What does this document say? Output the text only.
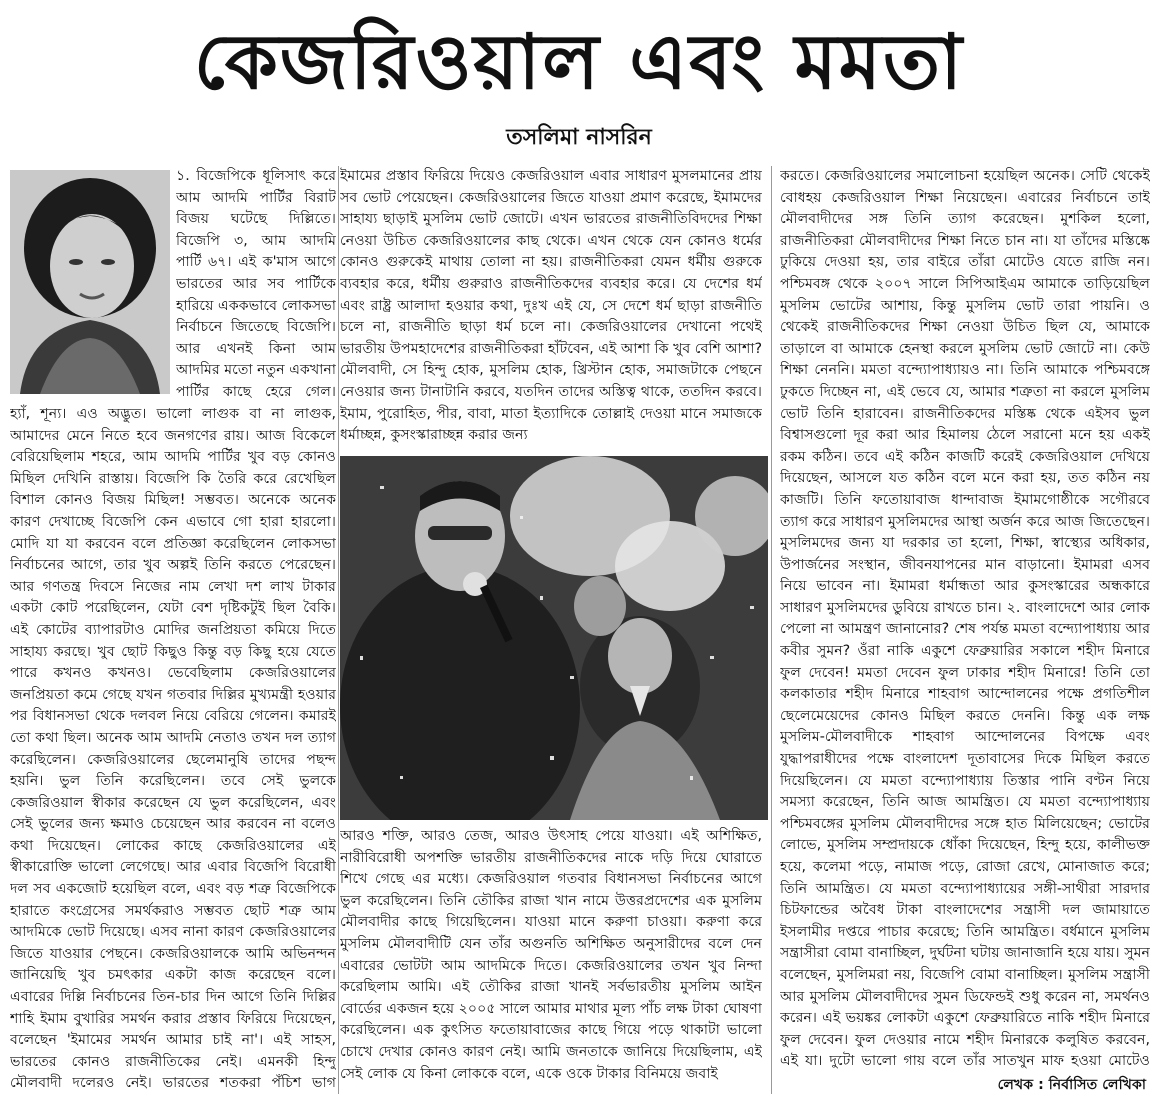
কেজরিওয়াল এবং মমতা
তসলিমা নাসরিন

১. বিজেপিকে ধূলিসাৎ করে আম আদমি পার্টির বিরাট বিজয় ঘটেছে দিল্লিতে। বিজেপি ৩, আম আদমি পার্টি ৬৭। এই ক'মাস আগে ভারতের আর সব পার্টিকে হারিয়ে এককভাবে লোকসভা নির্বাচনে জিতেছে বিজেপি। আর এখনই কিনা আম আদমির মতো নতুন একখানা পার্টির কাছে হেরে গেল।

হ্যাঁ, শূন্য। এও অদ্ভুত। ভালো লাগুক বা না লাগুক, আমাদের মেনে নিতে হবে জনগণের রায়। আজ বিকেলে বেরিয়েছিলাম শহরে, আম আদমি পার্টির খুব বড় কোনও মিছিল দেখিনি রাস্তায়। বিজেপি কি তৈরি করে রেখেছিল বিশাল কোনও বিজয় মিছিল! সম্ভবত। অনেকে অনেক কারণ দেখাচ্ছে বিজেপি কেন এভাবে গো হারা হারলো। মোদি যা যা করবেন বলে প্রতিজ্ঞা করেছিলেন লোকসভা নির্বাচনের আগে, তার খুব অল্পই তিনি করতে পেরেছেন। আর গণতন্ত্র দিবসে নিজের নাম লেখা দশ লাখ টাকার একটা কোট পরেছিলেন, যেটা বেশ দৃষ্টিকটুই ছিল বৈকি। এই কোটের ব্যাপারটাও মোদির জনপ্রিয়তা কমিয়ে দিতে সাহায্য করছে। খুব ছোট কিছুও কিন্তু বড় কিছু হয়ে যেতে পারে কখনও কখনও। ভেবেছিলাম কেজরিওয়ালের জনপ্রিয়তা কমে গেছে যখন গতবার দিল্লির মুখ্যমন্ত্রী হওয়ার পর বিধানসভা থেকে দলবল নিয়ে বেরিয়ে গেলেন। কমারই তো কথা ছিল। অনেক আম আদমি নেতাও তখন দল ত্যাগ করেছিলেন। কেজরিওয়ালের ছেলেমানুষি তাদের পছন্দ হয়নি। ভুল তিনি করেছিলেন। তবে সেই ভুলকে কেজরিওয়াল স্বীকার করেছেন যে ভুল করেছিলেন, এবং সেই ভুলের জন্য ক্ষমাও চেয়েছেন আর করবেন না বলেও কথা দিয়েছেন। লোকের কাছে কেজরিওয়ালের এই স্বীকারোক্তি ভালো লেগেছে। আর এবার বিজেপি বিরোধী দল সব একজোট হয়েছিল বলে, এবং বড় শত্রু বিজেপিকে হারাতে কংগ্রেসের সমর্থকরাও সম্ভবত ছোট শত্রু আম আদমিকে ভোট দিয়েছে। এসব নানা কারণ কেজরিওয়ালের জিতে যাওয়ার পেছনে। কেজরিওয়ালকে আমি অভিনন্দন জানিয়েছি খুব চমৎকার একটা কাজ করেছেন বলে। এবারের দিল্লি নির্বাচনের তিন-চার দিন আগে তিনি দিল্লির শাহি ইমাম বুখারির সমর্থন করার প্রস্তাব ফিরিয়ে দিয়েছেন, বলেছেন 'ইমামের সমর্থন আমার চাই না'। এই সাহস, ভারতের কোনও রাজনীতিকের নেই। এমনকী হিন্দু মৌলবাদী দলেরও নেই। ভারতের শতকরা পঁচিশ ভাগ

ইমামের প্রস্তাব ফিরিয়ে দিয়েও কেজরিওয়াল এবার সাধারণ মুসলমানের প্রায় সব ভোট পেয়েছেন। কেজরিওয়ালের জিতে যাওয়া প্রমাণ করেছে, ইমামদের সাহায্য ছাড়াই মুসলিম ভোট জোটে। এখন ভারতের রাজনীতিবিদদের শিক্ষা নেওয়া উচিত কেজরিওয়ালের কাছ থেকে। এখন থেকে যেন কোনও ধর্মের কোনও গুরুকেই মাথায় তোলা না হয়। রাজনীতিকরা যেমন ধর্মীয় গুরুকে ব্যবহার করে, ধর্মীয় গুরুরাও রাজনীতিকদের ব্যবহার করে। যে দেশের ধর্ম এবং রাষ্ট্র আলাদা হওয়ার কথা, দুঃখ এই যে, সে দেশে ধর্ম ছাড়া রাজনীতি চলে না, রাজনীতি ছাড়া ধর্ম চলে না। কেজরিওয়ালের দেখানো পথেই ভারতীয় উপমহাদেশের রাজনীতিকরা হাঁটবেন, এই আশা কি খুব বেশি আশা? মৌলবাদী, সে হিন্দু হোক, মুসলিম হোক, খ্রিস্টান হোক, সমাজটাকে পেছনে নেওয়ার জন্য টানাটানি করবে, যতদিন তাদের অস্তিত্ব থাকে, ততদিন করবে। ইমাম, পুরোহিত, পীর, বাবা, মাতা ইত্যাদিকে তোল্লাই দেওয়া মানে সমাজকে ধর্মাচ্ছন্ন, কুসংস্কারাচ্ছন্ন করার জন্য

আরও শক্তি, আরও তেজ, আরও উৎসাহ পেয়ে যাওয়া। এই অশিক্ষিত, নারীবিরোধী অপশক্তি ভারতীয় রাজনীতিকদের নাকে দড়ি দিয়ে ঘোরাতে শিখে গেছে এর মধ্যে। কেজরিওয়াল গতবার বিধানসভা নির্বাচনের আগে ভুল করেছিলেন। তিনি তৌকির রাজা খান নামে উত্তরপ্রদেশের এক মুসলিম মৌলবাদীর কাছে গিয়েছিলেন। যাওয়া মানে করুণা চাওয়া। করুণা করে মুসলিম মৌলবাদীটি যেন তাঁর অগুনতি অশিক্ষিত অনুসারীদের বলে দেন এবারের ভোটটা আম আদমিকে দিতে। কেজরিওয়ালের তখন খুব নিন্দা করেছিলাম আমি। এই তৌকির রাজা খানই সর্বভারতীয় মুসলিম আইন বোর্ডের একজন হয়ে ২০০৫ সালে আমার মাথার মূল্য পাঁচ লক্ষ টাকা ঘোষণা করেছিলেন। এক কুৎসিত ফতোয়াবাজের কাছে গিয়ে পড়ে থাকাটা ভালো চোখে দেখার কোনও কারণ নেই। আমি জনতাকে জানিয়ে দিয়েছিলাম, এই সেই লোক যে কিনা লোককে বলে, একে ওকে টাকার বিনিময়ে জবাই

করতে। কেজরিওয়ালের সমালোচনা হয়েছিল অনেক। সেটি থেকেই বোধহয় কেজরিওয়াল শিক্ষা নিয়েছেন। এবারের নির্বাচনে তাই মৌলবাদীদের সঙ্গ তিনি ত্যাগ করেছেন। মুশকিল হলো, রাজনীতিকরা মৌলবাদীদের শিক্ষা নিতে চান না। যা তাঁদের মস্তিষ্কে ঢুকিয়ে দেওয়া হয়, তার বাইরে তাঁরা মোটেও যেতে রাজি নন। পশ্চিমবঙ্গ থেকে ২০০৭ সালে সিপিআইএম আমাকে তাড়িয়েছিল মুসলিম ভোটের আশায়, কিন্তু মুসলিম ভোট তারা পায়নি। ও থেকেই রাজনীতিকদের শিক্ষা নেওয়া উচিত ছিল যে, আমাকে তাড়ালে বা আমাকে হেনস্থা করলে মুসলিম ভোট জোটে না। কেউ শিক্ষা নেননি। মমতা বন্দ্যোপাধ্যায়ও না। তিনি আমাকে পশ্চিমবঙ্গে ঢুকতে দিচ্ছেন না, এই ভেবে যে, আমার শত্রুতা না করলে মুসলিম ভোট তিনি হারাবেন। রাজনীতিকদের মস্তিষ্ক থেকে এইসব ভুল বিশ্বাসগুলো দূর করা আর হিমালয় ঠেলে সরানো মনে হয় একই রকম কঠিন। তবে এই কঠিন কাজটি করেই কেজরিওয়াল দেখিয়ে দিয়েছেন, আসলে যত কঠিন বলে মনে করা হয়, তত কঠিন নয় কাজটি। তিনি ফতোয়াবাজ ধান্দাবাজ ইমামগোষ্ঠীকে সগৌরবে ত্যাগ করে সাধারণ মুসলিমদের আস্থা অর্জন করে আজ জিতেছেন। মুসলিমদের জন্য যা দরকার তা হলো, শিক্ষা, স্বাস্থ্যের অধিকার, উপার্জনের সংস্থান, জীবনযাপনের মান বাড়ানো। ইমামরা এসব নিয়ে ভাবেন না। ইমামরা ধর্মান্ধতা আর কুসংস্কারের অন্ধকারে সাধারণ মুসলিমদের ডুবিয়ে রাখতে চান। ২. বাংলাদেশে আর লোক পেলো না আমন্ত্রণ জানানোর? শেষ পর্যন্ত মমতা বন্দ্যোপাধ্যায় আর কবীর সুমন? ওঁরা নাকি একুশে ফেব্রুয়ারির সকালে শহীদ মিনারে ফুল দেবেন! মমতা দেবেন ফুল ঢাকার শহীদ মিনারে! তিনি তো কলকাতার শহীদ মিনারে শাহবাগ আন্দোলনের পক্ষে প্রগতিশীল ছেলেমেয়েদের কোনও মিছিল করতে দেননি। কিন্তু এক লক্ষ মুসলিম-মৌলবাদীকে শাহবাগ আন্দোলনের বিপক্ষে এবং যুদ্ধাপরাধীদের পক্ষে বাংলাদেশ দূতাবাসের দিকে মিছিল করতে দিয়েছিলেন। যে মমতা বন্দ্যোপাধ্যায় তিস্তার পানি বণ্টন নিয়ে সমস্যা করেছেন, তিনি আজ আমন্ত্রিত। যে মমতা বন্দ্যোপাধ্যায় পশ্চিমবঙ্গের মুসলিম মৌলবাদীদের সঙ্গে হাত মিলিয়েছেন; ভোটের লোভে, মুসলিম সম্প্রদায়কে ধোঁকা দিয়েছেন, হিন্দু হয়ে, কালীভক্ত হয়ে, কলেমা পড়ে, নামাজ পড়ে, রোজা রেখে, মোনাজাত করে; তিনি আমন্ত্রিত। যে মমতা বন্দ্যোপাধ্যায়ের সঙ্গী-সাথীরা সারদার চিটফান্ডের অবৈধ টাকা বাংলাদেশের সন্ত্রাসী দল জামায়াতে ইসলামীর দপ্তরে পাচার করেছে; তিনি আমন্ত্রিত। বর্ধমানে মুসলিম সন্ত্রাসীরা বোমা বানাচ্ছিল, দুর্ঘটনা ঘটায় জানাজানি হয়ে যায়। সুমন বলেছেন, মুসলিমরা নয়, বিজেপি বোমা বানাচ্ছিল। মুসলিম সন্ত্রাসী আর মুসলিম মৌলবাদীদের সুমন ডিফেন্ডই শুধু করেন না, সমর্থনও করেন। এই ভয়ঙ্কর লোকটা একুশে ফেব্রুয়ারিতে নাকি শহীদ মিনারে ফুল দেবেন। ফুল দেওয়ার নামে শহীদ মিনারকে কলুষিত করবেন, এই যা। দুটো ভালো গায় বলে তাঁর সাতখুন মাফ হওয়া মোটেও

লেখক : নির্বাসিত লেখিকা
